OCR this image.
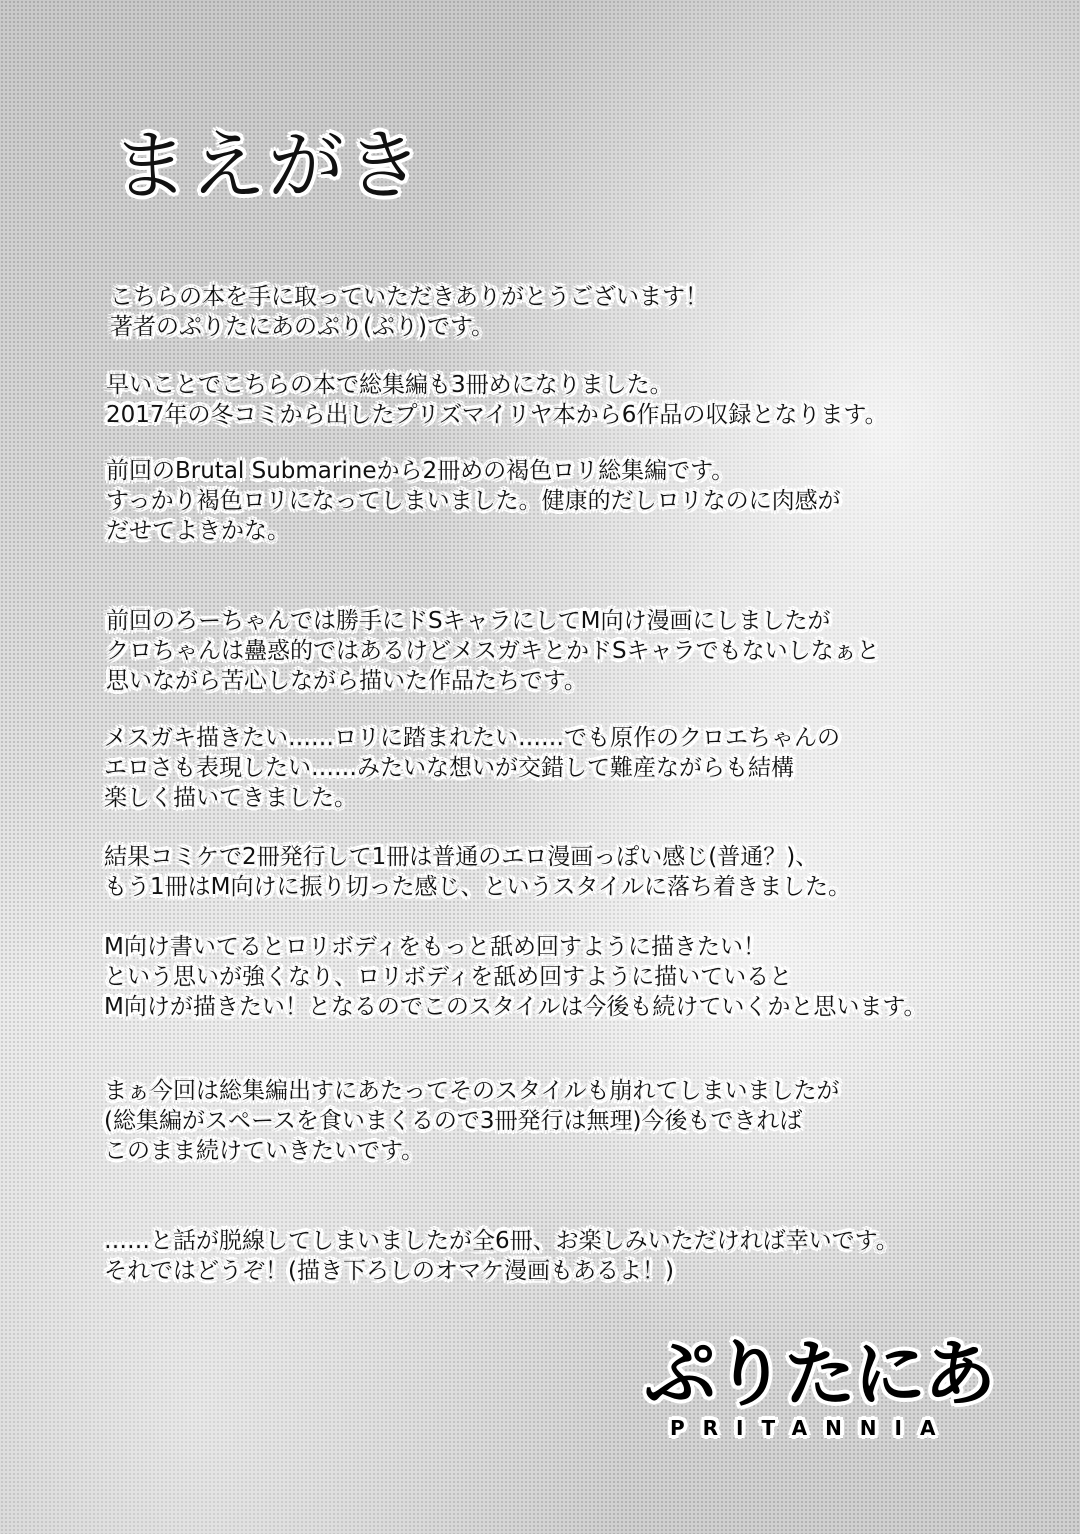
まえがき
こちらの本を手に取っていただきありがとうございます！
著者のぷりたにあのぷり(ぷり)です。
早いことでこちらの本で総集編も3冊めになりました。
2017年の冬コミから出したプリズマイリヤ本から6作品の収録となります。
前回のBrutal Submarineから2冊めの褐色ロリ総集編です。
すっかり褐色ロリになってしまいました。健康的だしロリなのに肉感が
だせてよきかな。
前回のろーちゃんでは勝手にドSキャラにしてM向け漫画にしましたが
クロちゃんは蠱惑的ではあるけどメスガキとかドSキャラでもないしなぁと
思いながら苦心しながら描いた作品たちです。
メスガキ描きたい……ロリに踏まれたい……でも原作のクロエちゃんの
エロさも表現したい……みたいな想いが交錯して難産ながらも結構
楽しく描いてきました。
結果コミケで2冊発行して1冊は普通のエロ漫画っぽい感じ(普通？)、
もう1冊はM向けに振り切った感じ、というスタイルに落ち着きました。
M向け書いてるとロリボディをもっと舐め回すように描きたい！
という思いが強くなり、ロリボディを舐め回すように描いていると
M向けが描きたい！となるのでこのスタイルは今後も続けていくかと思います。
まぁ今回は総集編出すにあたってそのスタイルも崩れてしまいましたが
(総集編がスペースを食いまくるので3冊発行は無理)今後もできれば
このまま続けていきたいです。
……と話が脱線してしまいましたが全6冊、お楽しみいただければ幸いです。
それではどうぞ！(描き下ろしのオマケ漫画もあるよ！)
ぷりたにあ
PRITANNIA
